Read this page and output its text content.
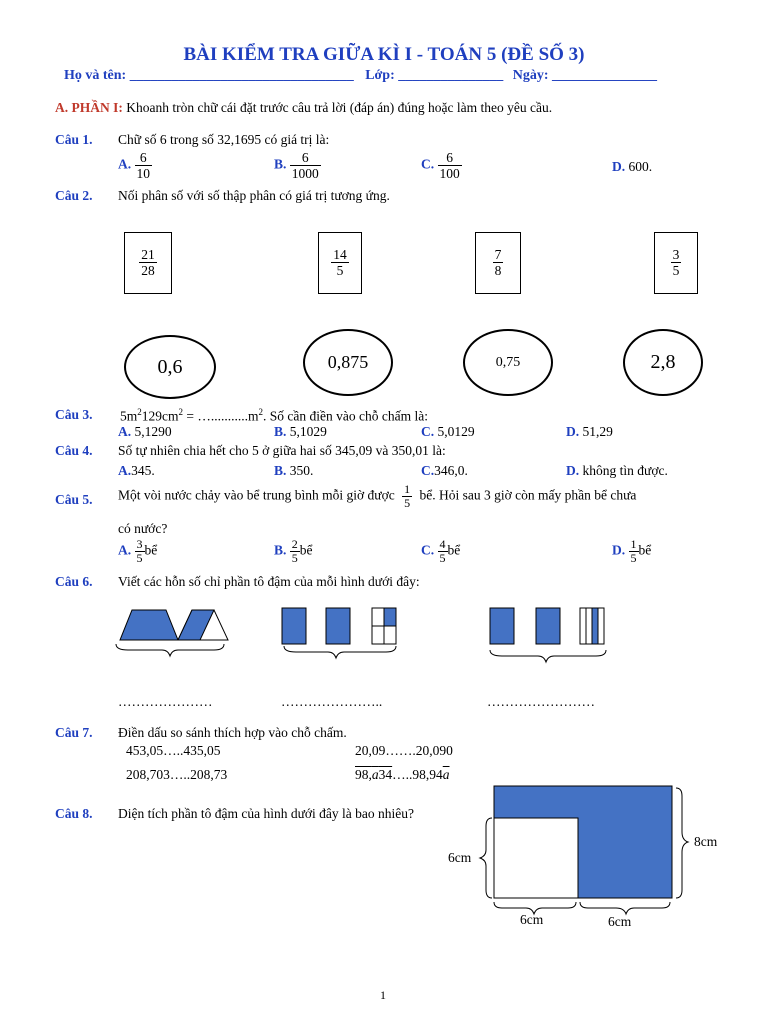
BÀI KIỂM TRA GIỮA KÌ I - TOÁN 5 (ĐỀ SỐ 3)
Họ và tên: ________________________________ Lớp: _______________ Ngày: _______________
A. PHẦN I: Khoanh tròn chữ cái đặt trước câu trả lời (đáp án) đúng hoặc làm theo yêu cầu.
Câu 1. Chữ số 6 trong số 32,1695 có giá trị là:
A. $\frac{6}{10}$	B. $\frac{6}{1000}$	C. $\frac{6}{100}$	D. 600.
Câu 2. Nối phân số với số thập phân có giá trị tương ứng.
$\frac{21}{28}$	$\frac{14}{5}$	$\frac{7}{8}$	$\frac{3}{5}$
0,6	0,875	0,75	2,8
Câu 3. $5m^2129cm^2$ = $\dots...........m^2$. Số cần điền vào chỗ chấm là:
A. 5,1290	B. 5,1029	C. 5,0129	D. 51,29
Câu 4. Số tự nhiên chia hết cho 5 ở giữa hai số 345,09 và 350,01 là:
A.345.	B. 350.	C.346,0.	D. không tìn được.
Câu 5. Một vòi nước chảy vào bể trung bình mỗi giờ được $\frac{1}{5}$ bể. Hỏi sau 3 giờ còn mấy phần bể chưa
có nước?
A. $\frac{3}{5}$ bể	B. $\frac{2}{5}$ bể	C. $\frac{4}{5}$ bể	D. $\frac{1}{5}$ bể
Câu 6. Viết các hỗn số chỉ phần tô đậm của mỗi hình dưới đây:
…………………	…………………..	……………………
Câu 7. Điền dấu so sánh thích hợp vào chỗ chấm.
453,05…..435,05	20,09…….20,090
208,703…..208,73	$98,a34\dots..98,94\overline{a}$
Câu 8. Diện tích phần tô đậm của hình dưới đây là bao nhiêu?
8cm
6cm
6cm	6cm
1
